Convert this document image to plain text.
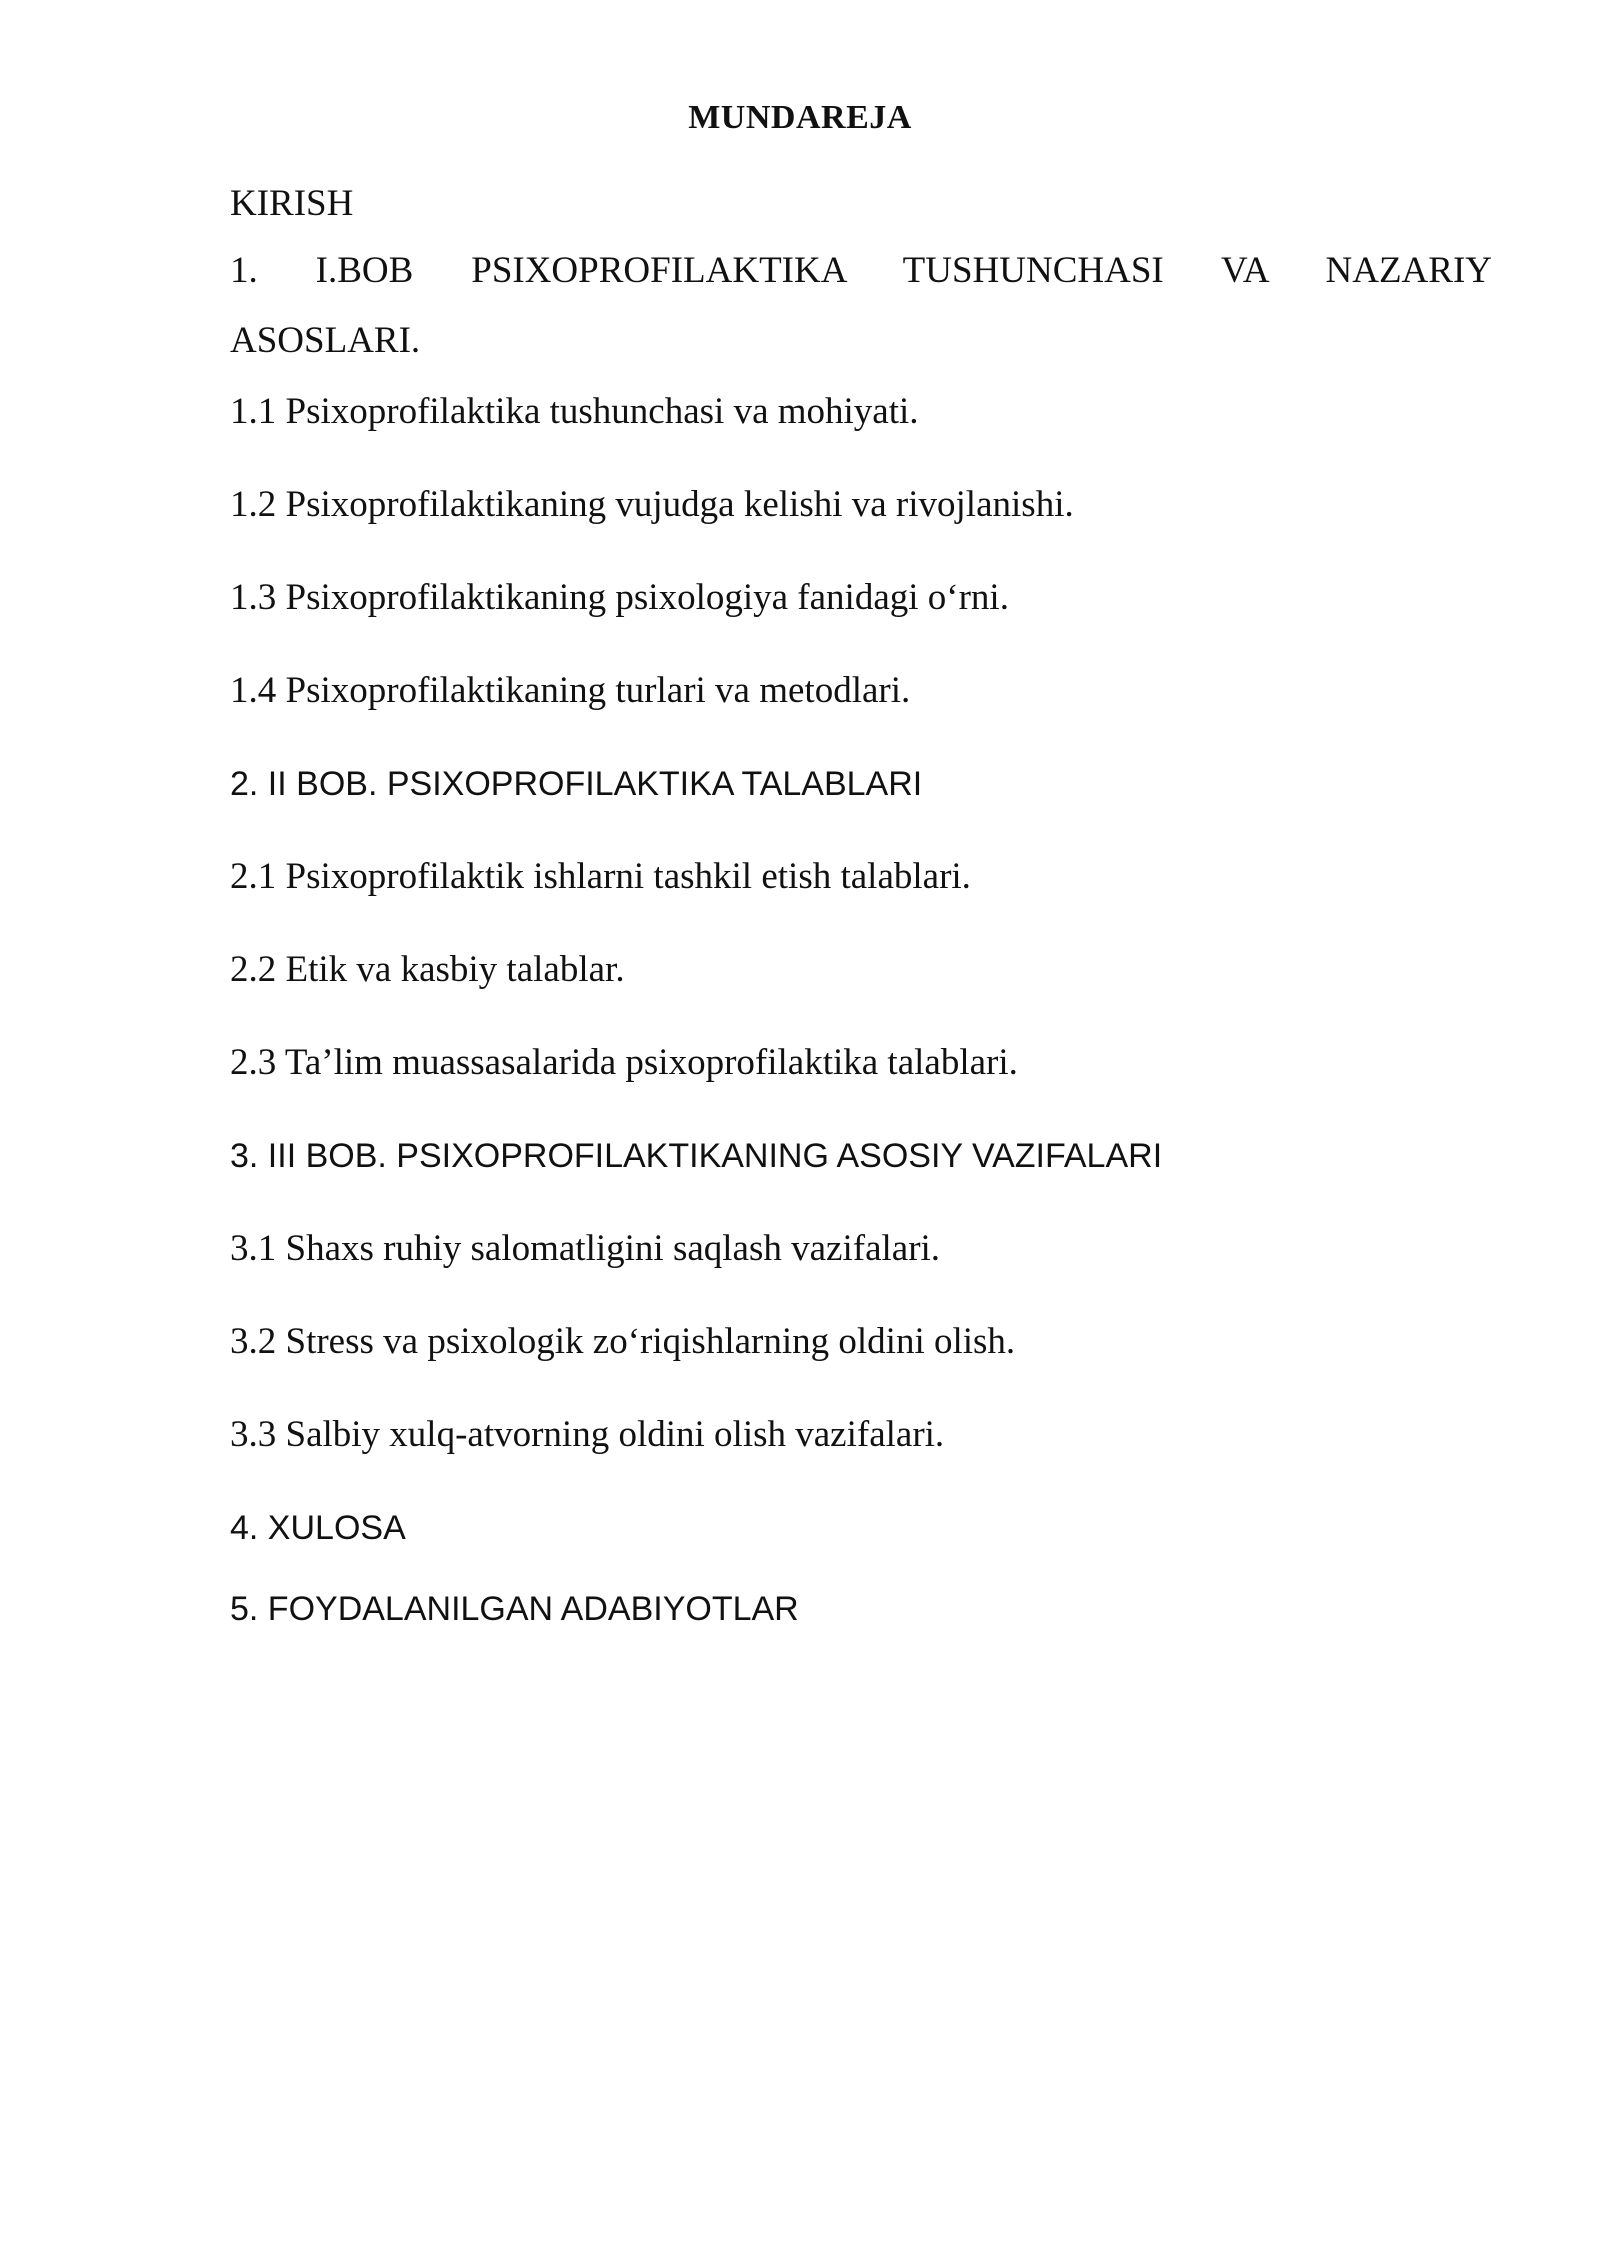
MUNDAREJA
KIRISH
1. I.BOB PSIXOPROFILAKTIKA TUSHUNCHASI VA NAZARIY
ASOSLARI.
1.1 Psixoprofilaktika tushunchasi va mohiyati.
1.2 Psixoprofilaktikaning vujudga kelishi va rivojlanishi.
1.3 Psixoprofilaktikaning psixologiya fanidagi o‘rni.
1.4 Psixoprofilaktikaning turlari va metodlari.
2. II BOB. PSIXOPROFILAKTIKA TALABLARI
2.1 Psixoprofilaktik ishlarni tashkil etish talablari.
2.2 Etik va kasbiy talablar.
2.3 Ta’lim muassasalarida psixoprofilaktika talablari.
3. III BOB. PSIXOPROFILAKTIKANING ASOSIY VAZIFALARI
3.1 Shaxs ruhiy salomatligini saqlash vazifalari.
3.2 Stress va psixologik zo‘riqishlarning oldini olish.
3.3 Salbiy xulq-atvorning oldini olish vazifalari.
4. XULOSA
5. FOYDALANILGAN ADABIYOTLAR
